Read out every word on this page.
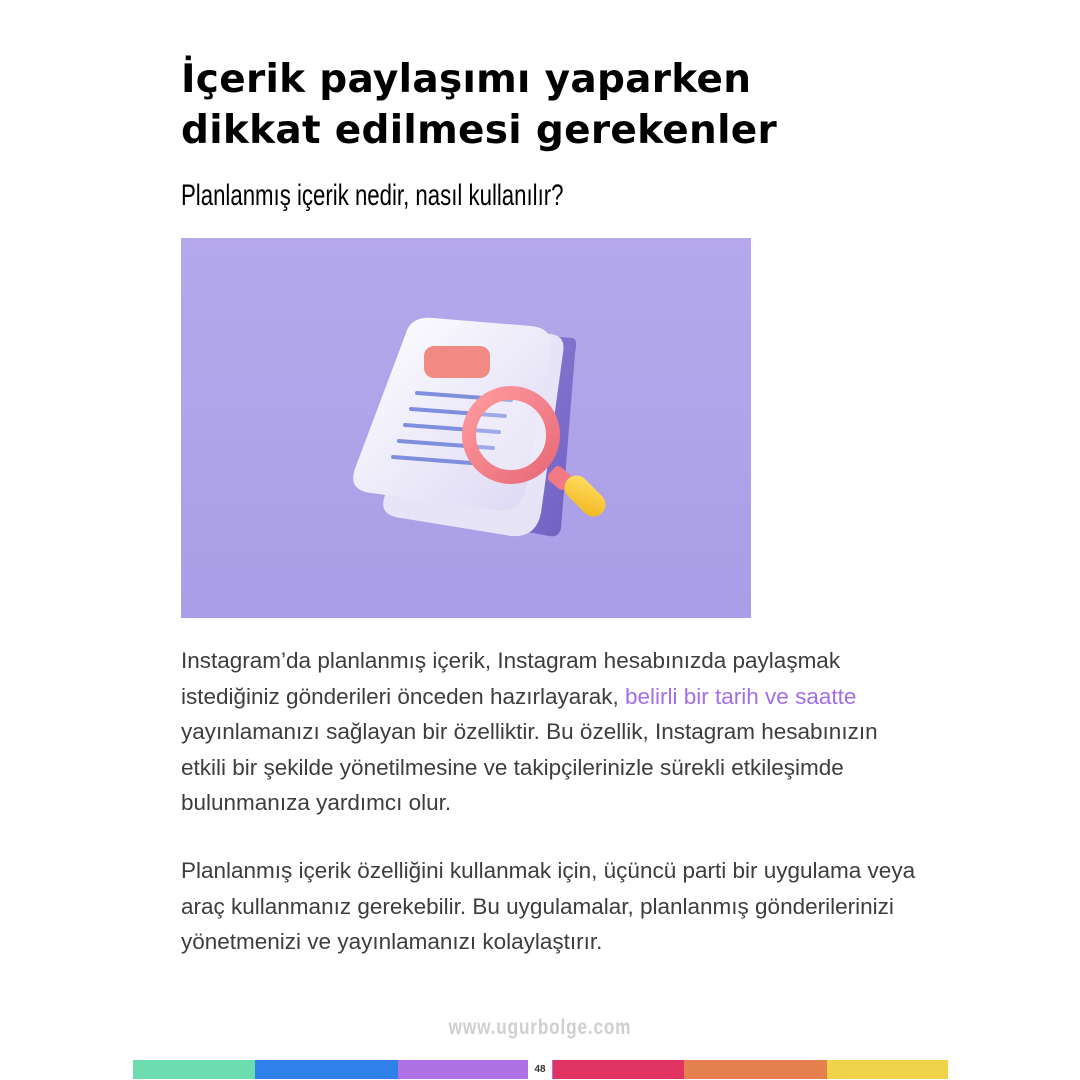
İçerik paylaşımı yaparken
dikkat edilmesi gerekenler
Planlanmış içerik nedir, nasıl kullanılır?

Instagram’da planlanmış içerik, Instagram hesabınızda paylaşmak istediğiniz gönderileri önceden hazırlayarak, belirli bir tarih ve saatte yayınlamanızı sağlayan bir özelliktir. Bu özellik, Instagram hesabınızın etkili bir şekilde yönetilmesine ve takipçilerinizle sürekli etkileşimde bulunmanıza yardımcı olur.

Planlanmış içerik özelliğini kullanmak için, üçüncü parti bir uygulama veya araç kullanmanız gerekebilir. Bu uygulamalar, planlanmış gönderilerinizi yönetmenizi ve yayınlamanızı kolaylaştırır.

www.ugurbolge.com
48
